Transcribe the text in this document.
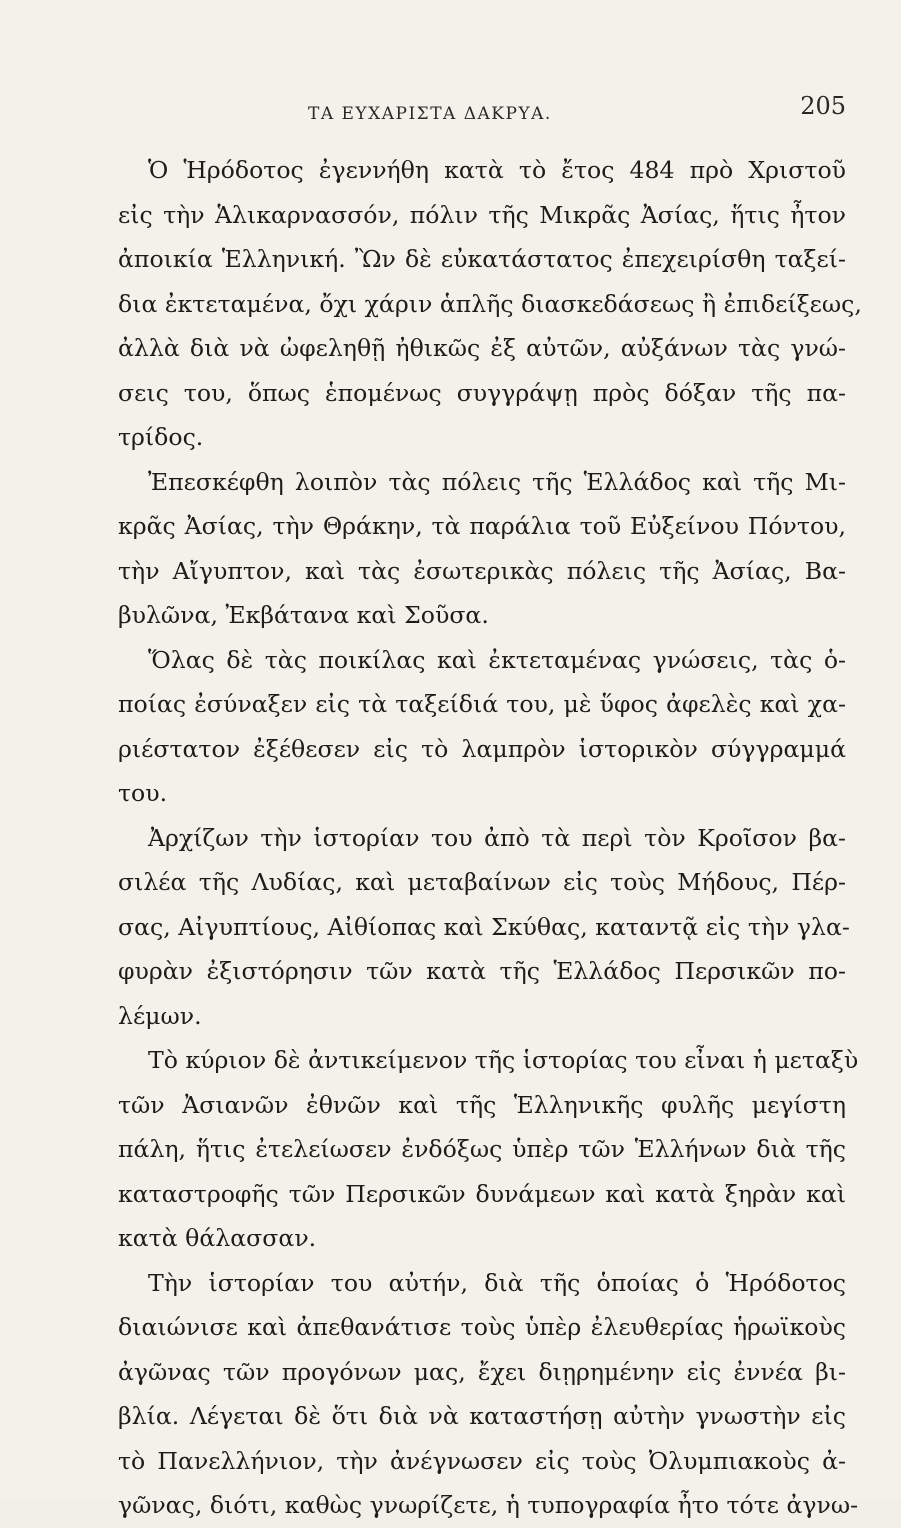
ΤΑ ΕΥΧΑΡΙΣΤΑ ΔΑΚΡΥΑ.	205
Ὁ Ἡρόδοτος ἐγεννήθη κατὰ τὸ ἔτος 484 πρὸ Χριστοῦ
εἰς τὴν Ἁλικαρνασσόν, πόλιν τῆς Μικρᾶς Ἀσίας, ἥτις ἦτον
ἀποικία Ἑλληνική. Ὢν δὲ εὐκατάστατος ἐπεχειρίσθη ταξεί-
δια ἐκτεταμένα, ὄχι χάριν ἁπλῆς διασκεδάσεως ἢ ἐπιδείξεως,
ἀλλὰ διὰ νὰ ὠφεληθῇ ἠθικῶς ἐξ αὐτῶν, αὐξάνων τὰς γνώ-
σεις του, ὅπως ἑπομένως συγγράψῃ πρὸς δόξαν τῆς πα-
τρίδος.
Ἐπεσκέφθη λοιπὸν τὰς πόλεις τῆς Ἑλλάδος καὶ τῆς Μι-
κρᾶς Ἀσίας, τὴν Θράκην, τὰ παράλια τοῦ Εὐξείνου Πόντου,
τὴν Αἴγυπτον, καὶ τὰς ἐσωτερικὰς πόλεις τῆς Ἀσίας, Βα-
βυλῶνα, Ἐκβάτανα καὶ Σοῦσα.
Ὅλας δὲ τὰς ποικίλας καὶ ἐκτεταμένας γνώσεις, τὰς ὁ-
ποίας ἐσύναξεν εἰς τὰ ταξείδιά του, μὲ ὕφος ἀφελὲς καὶ χα-
ριέστατον ἐξέθεσεν εἰς τὸ λαμπρὸν ἱστορικὸν σύγγραμμά
του.
Ἀρχίζων τὴν ἱστορίαν του ἀπὸ τὰ περὶ τὸν Κροῖσον βα-
σιλέα τῆς Λυδίας, καὶ μεταβαίνων εἰς τοὺς Μήδους, Πέρ-
σας, Αἰγυπτίους, Αἰθίοπας καὶ Σκύθας, καταντᾷ εἰς τὴν γλα-
φυρὰν ἐξιστόρησιν τῶν κατὰ τῆς Ἑλλάδος Περσικῶν πο-
λέμων.
Τὸ κύριον δὲ ἀντικείμενον τῆς ἱστορίας του εἶναι ἡ μεταξὺ
τῶν Ἀσιανῶν ἐθνῶν καὶ τῆς Ἑλληνικῆς φυλῆς μεγίστη
πάλη, ἥτις ἐτελείωσεν ἐνδόξως ὑπὲρ τῶν Ἑλλήνων διὰ τῆς
καταστροφῆς τῶν Περσικῶν δυνάμεων καὶ κατὰ ξηρὰν καὶ
κατὰ θάλασσαν.
Τὴν ἱστορίαν του αὐτήν, διὰ τῆς ὁποίας ὁ Ἡρόδοτος
διαιώνισε καὶ ἀπεθανάτισε τοὺς ὑπὲρ ἐλευθερίας ἡρωϊκοὺς
ἀγῶνας τῶν προγόνων μας, ἔχει διῃρημένην εἰς ἐννέα βι-
βλία. Λέγεται δὲ ὅτι διὰ νὰ καταστήσῃ αὐτὴν γνωστὴν εἰς
τὸ Πανελλήνιον, τὴν ἀνέγνωσεν εἰς τοὺς Ὀλυμπιακοὺς ἀ-
γῶνας, διότι, καθὼς γνωρίζετε, ἡ τυπογραφία ἦτο τότε ἀγνω-
